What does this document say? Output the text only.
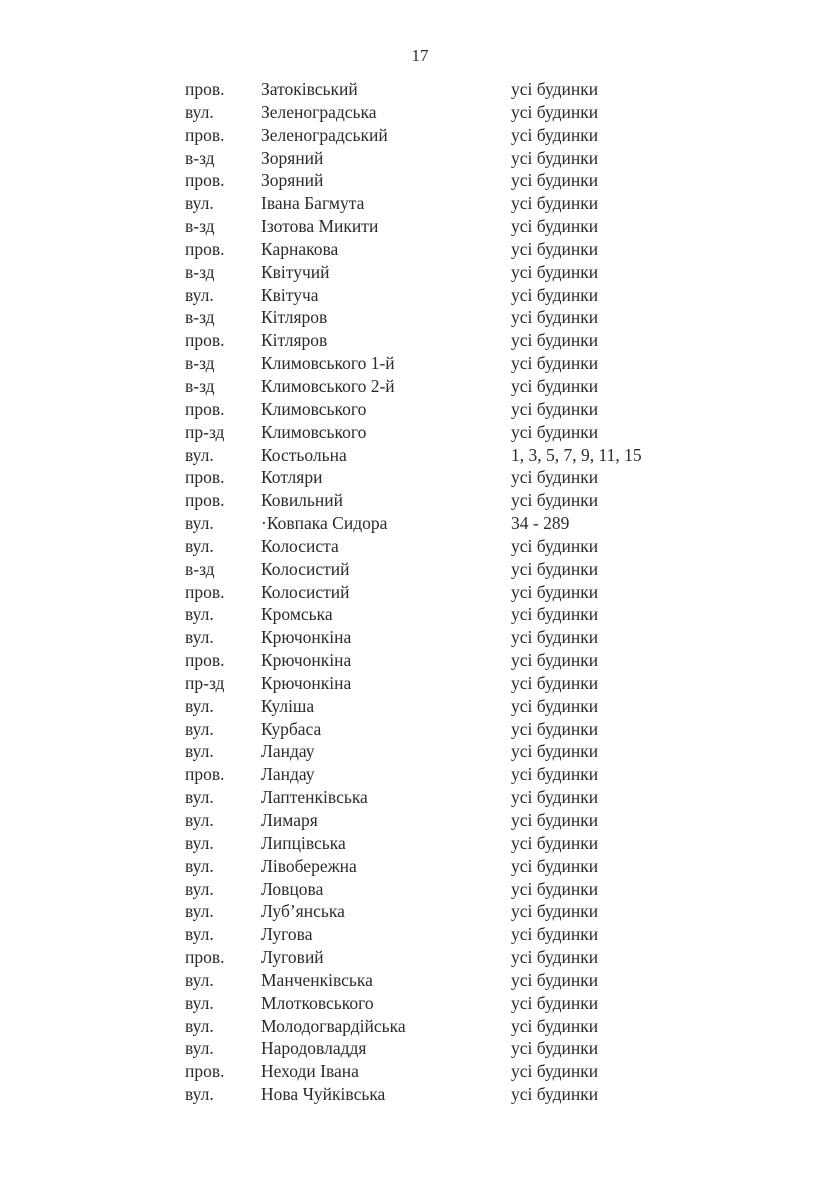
17
пров.	Затоківський	усі будинки
вул.	Зеленоградська	усі будинки
пров.	Зеленоградський	усі будинки
в-зд	Зоряний	усі будинки
пров.	Зоряний	усі будинки
вул.	Івана Багмута	усі будинки
в-зд	Ізотова Микити	усі будинки
пров.	Карнакова	усі будинки
в-зд	Квітучий	усі будинки
вул.	Квітуча	усі будинки
в-зд	Кітляров	усі будинки
пров.	Кітляров	усі будинки
в-зд	Климовського 1-й	усі будинки
в-зд	Климовського 2-й	усі будинки
пров.	Климовського	усі будинки
пр-зд	Климовського	усі будинки
вул.	Костьольна	1, 3, 5, 7, 9, 11, 15
пров.	Котляри	усі будинки
пров.	Ковильний	усі будинки
вул.	·Ковпака Сидора	34 - 289
вул.	Колосиста	усі будинки
в-зд	Колосистий	усі будинки
пров.	Колосистий	усі будинки
вул.	Кромська	усі будинки
вул.	Крючонкіна	усі будинки
пров.	Крючонкіна	усі будинки
пр-зд	Крючонкіна	усі будинки
вул.	Куліша	усі будинки
вул.	Курбаса	усі будинки
вул.	Ландау	усі будинки
пров.	Ландау	усі будинки
вул.	Лаптенківська	усі будинки
вул.	Лимаря	усі будинки
вул.	Липцівська	усі будинки
вул.	Лівобережна	усі будинки
вул.	Ловцова	усі будинки
вул.	Луб’янська	усі будинки
вул.	Лугова	усі будинки
пров.	Луговий	усі будинки
вул.	Манченківська	усі будинки
вул.	Млотковського	усі будинки
вул.	Молодогвардійська	усі будинки
вул.	Народовладдя	усі будинки
пров.	Неходи Івана	усі будинки
вул.	Нова Чуйківська	усі будинки
